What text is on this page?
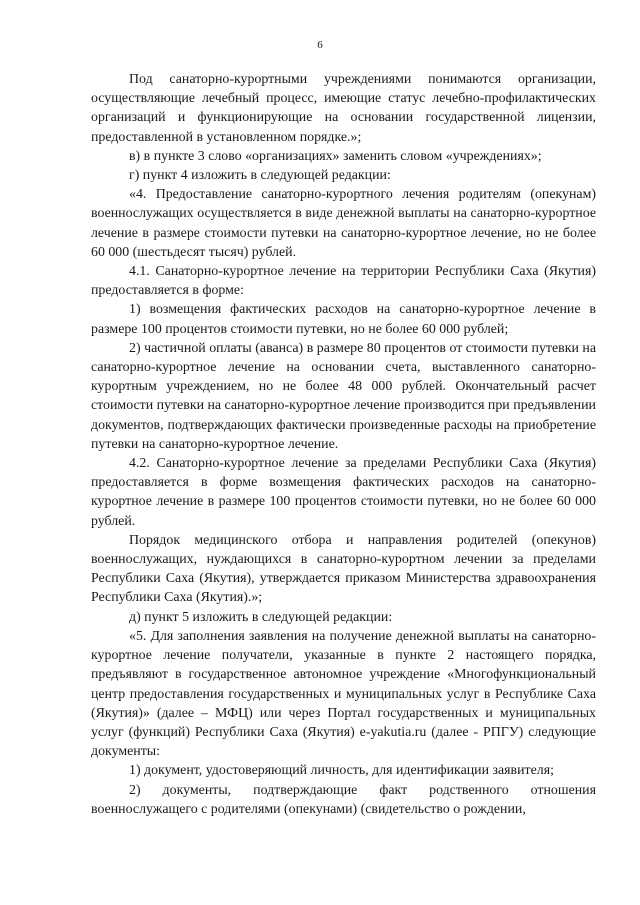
6

Под санаторно-курортными учреждениями понимаются организации, осуществляющие лечебный процесс, имеющие статус лечебно-профилактических организаций и функционирующие на основании государственной лицензии, предоставленной в установленном порядке.»;

в) в пункте 3 слово «организациях» заменить словом «учреждениях»;

г) пункт 4 изложить в следующей редакции:

«4. Предоставление санаторно-курортного лечения родителям (опекунам) военнослужащих осуществляется в виде денежной выплаты на санаторно-курортное лечение в размере стоимости путевки на санаторно-курортное лечение, но не более 60 000 (шестьдесят тысяч) рублей.

4.1. Санаторно-курортное лечение на территории Республики Саха (Якутия) предоставляется в форме:

1) возмещения фактических расходов на санаторно-курортное лечение в размере 100 процентов стоимости путевки, но не более 60 000 рублей;

2) частичной оплаты (аванса) в размере 80 процентов от стоимости путевки на санаторно-курортное лечение на основании счета, выставленного санаторно-курортным учреждением, но не более 48 000 рублей. Окончательный расчет стоимости путевки на санаторно-курортное лечение производится при предъявлении документов, подтверждающих фактически произведенные расходы на приобретение путевки на санаторно-курортное лечение.

4.2. Санаторно-курортное лечение за пределами Республики Саха (Якутия) предоставляется в форме возмещения фактических расходов на санаторно-курортное лечение в размере 100 процентов стоимости путевки, но не более 60 000 рублей.

Порядок медицинского отбора и направления родителей (опекунов) военнослужащих, нуждающихся в санаторно-курортном лечении за пределами Республики Саха (Якутия), утверждается приказом Министерства здравоохранения Республики Саха (Якутия).»;

д) пункт 5 изложить в следующей редакции:

«5. Для заполнения заявления на получение денежной выплаты на санаторно-курортное лечение получатели, указанные в пункте 2 настоящего порядка, предъявляют в государственное автономное учреждение «Многофункциональный центр предоставления государственных и муниципальных услуг в Республике Саха (Якутия)» (далее – МФЦ) или через Портал государственных и муниципальных услуг (функций) Республики Саха (Якутия) e-yakutia.ru (далее - РПГУ) следующие документы:

1) документ, удостоверяющий личность, для идентификации заявителя;

2) документы, подтверждающие факт родственного отношения военнослужащего с родителями (опекунами) (свидетельство о рождении,
